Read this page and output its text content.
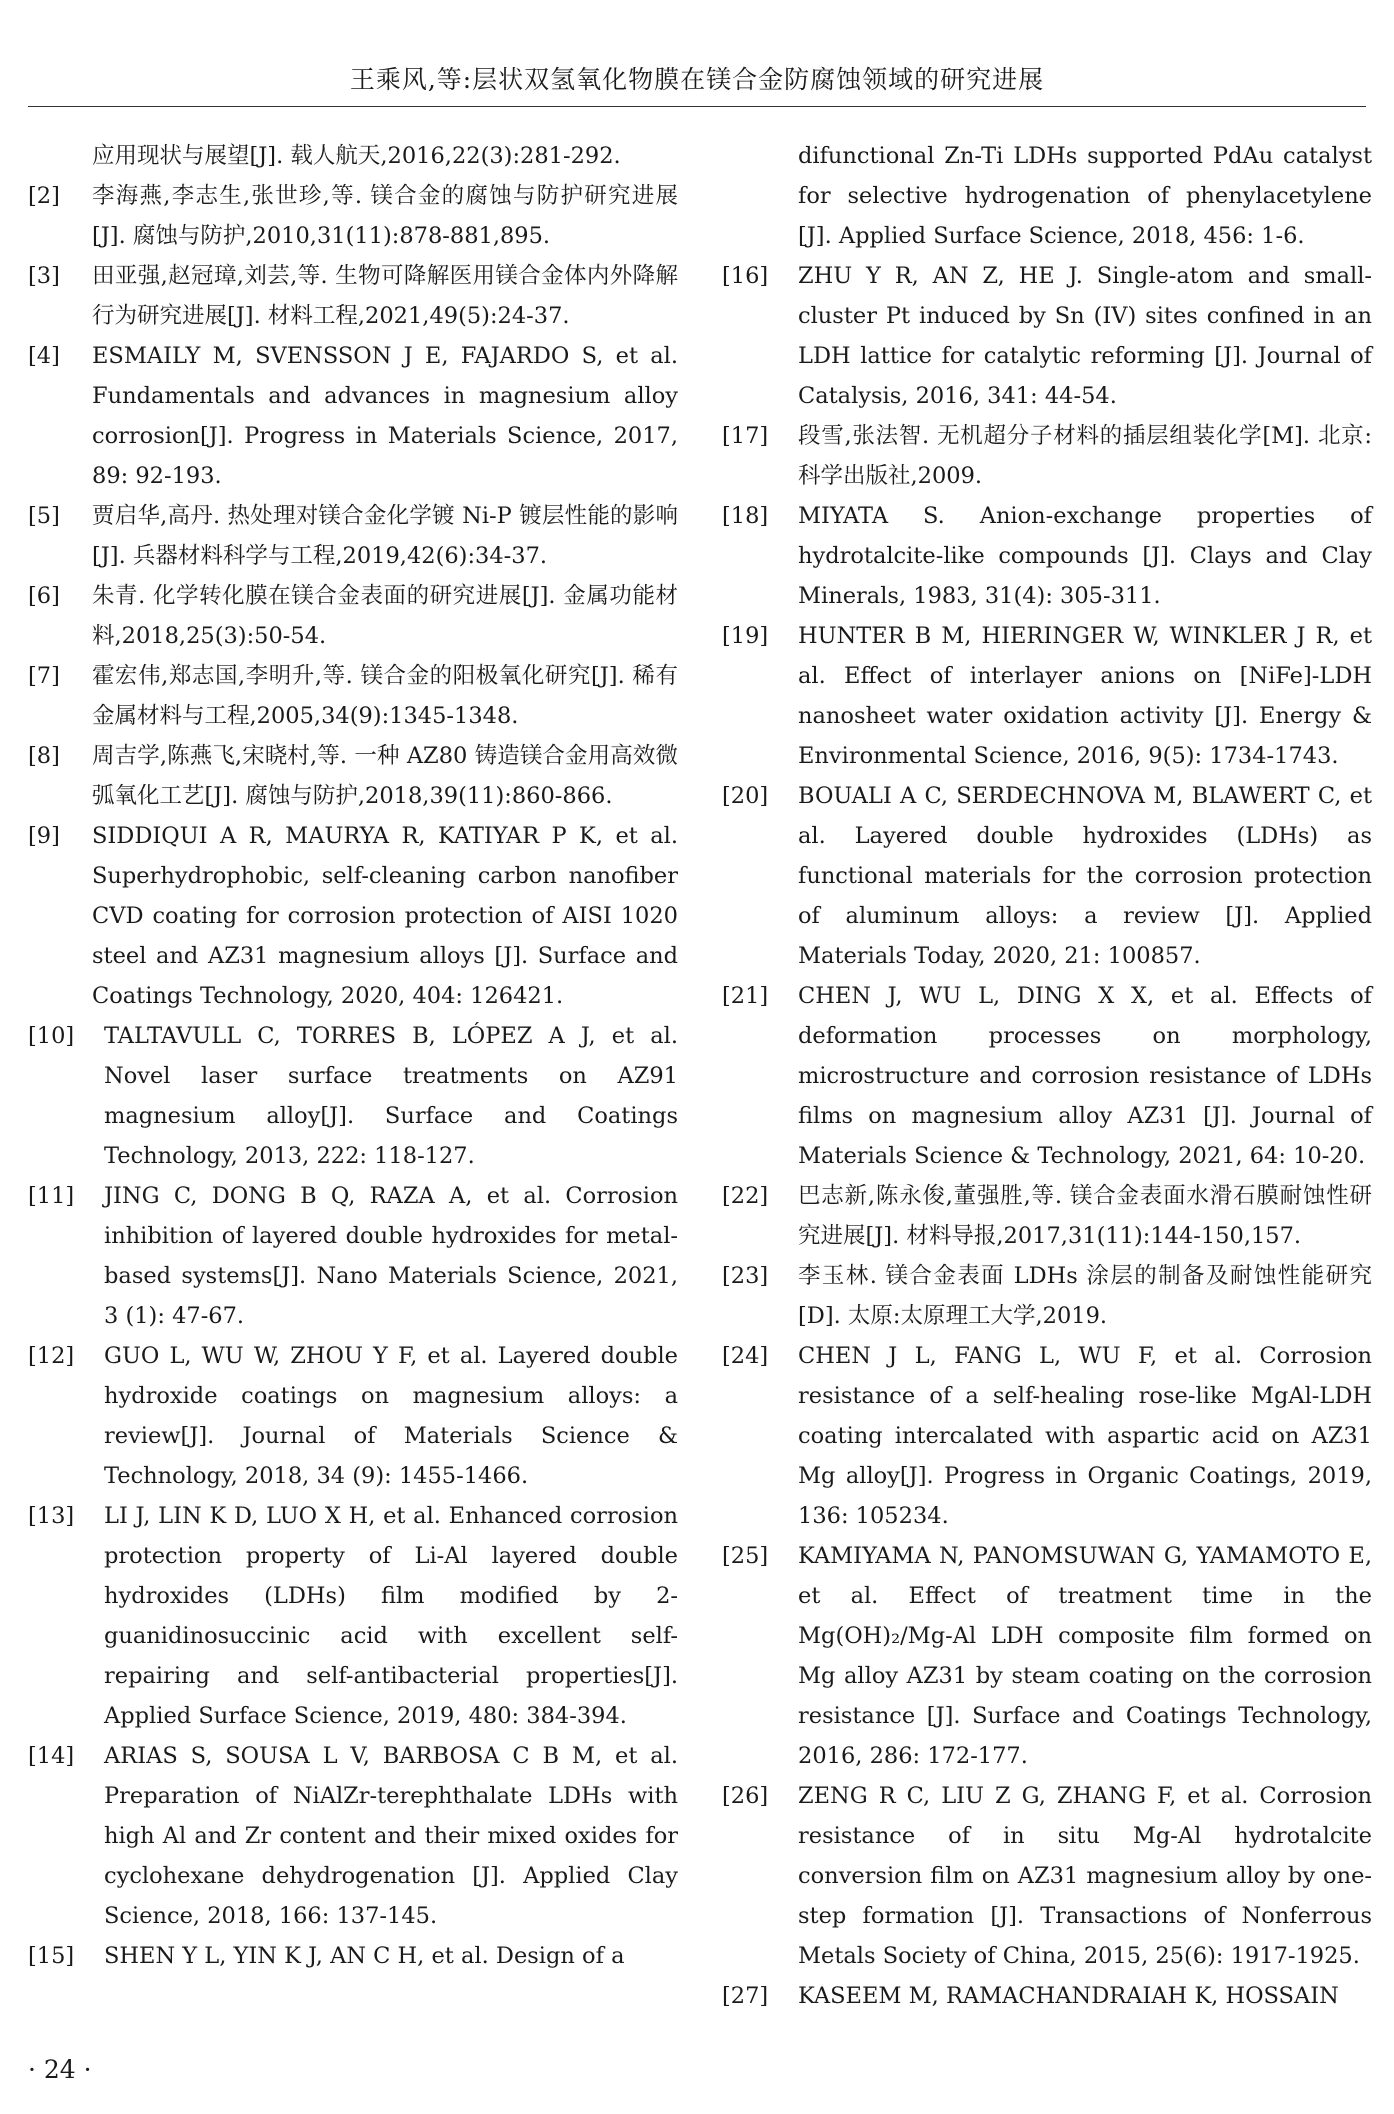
王乘风,等:层状双氢氧化物膜在镁合金防腐蚀领域的研究进展
应用现状与展望[J]. 载人航天,2016,22(3):281-292.
[2]	李海燕,李志生,张世珍,等. 镁合金的腐蚀与防护研究进展[J]. 腐蚀与防护,2010,31(11):878-881,895.
[3]	田亚强,赵冠璋,刘芸,等. 生物可降解医用镁合金体内外降解行为研究进展[J]. 材料工程,2021,49(5):24-37.
[4]	ESMAILY M, SVENSSON J E, FAJARDO S, et al. Fundamentals and advances in magnesium alloy corrosion[J]. Progress in Materials Science, 2017, 89: 92-193.
[5]	贾启华,高丹. 热处理对镁合金化学镀 Ni-P 镀层性能的影响[J]. 兵器材料科学与工程,2019,42(6):34-37.
[6]	朱青. 化学转化膜在镁合金表面的研究进展[J]. 金属功能材料,2018,25(3):50-54.
[7]	霍宏伟,郑志国,李明升,等. 镁合金的阳极氧化研究[J]. 稀有金属材料与工程,2005,34(9):1345-1348.
[8]	周吉学,陈燕飞,宋晓村,等. 一种 AZ80 铸造镁合金用高效微弧氧化工艺[J]. 腐蚀与防护,2018,39(11):860-866.
[9]	SIDDIQUI A R, MAURYA R, KATIYAR P K, et al. Superhydrophobic, self-cleaning carbon nanofiber CVD coating for corrosion protection of AISI 1020 steel and AZ31 magnesium alloys [J]. Surface and Coatings Technology, 2020, 404: 126421.
[10]	TALTAVULL C, TORRES B, LÓPEZ A J, et al. Novel laser surface treatments on AZ91 magnesium alloy[J]. Surface and Coatings Technology, 2013, 222: 118-127.
[11]	JING C, DONG B Q, RAZA A, et al. Corrosion inhibition of layered double hydroxides for metal-based systems[J]. Nano Materials Science, 2021, 3 (1): 47-67.
[12]	GUO L, WU W, ZHOU Y F, et al. Layered double hydroxide coatings on magnesium alloys: a review[J]. Journal of Materials Science & Technology, 2018, 34 (9): 1455-1466.
[13]	LI J, LIN K D, LUO X H, et al. Enhanced corrosion protection property of Li-Al layered double hydroxides (LDHs) film modified by 2-guanidinosuccinic acid with excellent self-repairing and self-antibacterial properties[J]. Applied Surface Science, 2019, 480: 384-394.
[14]	ARIAS S, SOUSA L V, BARBOSA C B M, et al. Preparation of NiAlZr-terephthalate LDHs with high Al and Zr content and their mixed oxides for cyclohexane dehydrogenation [J]. Applied Clay Science, 2018, 166: 137-145.
[15]	SHEN Y L, YIN K J, AN C H, et al. Design of a
difunctional Zn-Ti LDHs supported PdAu catalyst for selective hydrogenation of phenylacetylene [J]. Applied Surface Science, 2018, 456: 1-6.
[16]	ZHU Y R, AN Z, HE J. Single-atom and small-cluster Pt induced by Sn (IV) sites confined in an LDH lattice for catalytic reforming [J]. Journal of Catalysis, 2016, 341: 44-54.
[17]	段雪,张法智. 无机超分子材料的插层组装化学[M]. 北京:科学出版社,2009.
[18]	MIYATA S. Anion-exchange properties of hydrotalcite-like compounds [J]. Clays and Clay Minerals, 1983, 31(4): 305-311.
[19]	HUNTER B M, HIERINGER W, WINKLER J R, et al. Effect of interlayer anions on [NiFe]-LDH nanosheet water oxidation activity [J]. Energy & Environmental Science, 2016, 9(5): 1734-1743.
[20]	BOUALI A C, SERDECHNOVA M, BLAWERT C, et al. Layered double hydroxides (LDHs) as functional materials for the corrosion protection of aluminum alloys: a review [J]. Applied Materials Today, 2020, 21: 100857.
[21]	CHEN J, WU L, DING X X, et al. Effects of deformation processes on morphology, microstructure and corrosion resistance of LDHs films on magnesium alloy AZ31 [J]. Journal of Materials Science & Technology, 2021, 64: 10-20.
[22]	巴志新,陈永俊,董强胜,等. 镁合金表面水滑石膜耐蚀性研究进展[J]. 材料导报,2017,31(11):144-150,157.
[23]	李玉林. 镁合金表面 LDHs 涂层的制备及耐蚀性能研究[D]. 太原:太原理工大学,2019.
[24]	CHEN J L, FANG L, WU F, et al. Corrosion resistance of a self-healing rose-like MgAl-LDH coating intercalated with aspartic acid on AZ31 Mg alloy[J]. Progress in Organic Coatings, 2019, 136: 105234.
[25]	KAMIYAMA N, PANOMSUWAN G, YAMAMOTO E, et al. Effect of treatment time in the Mg(OH)₂/Mg-Al LDH composite film formed on Mg alloy AZ31 by steam coating on the corrosion resistance [J]. Surface and Coatings Technology, 2016, 286: 172-177.
[26]	ZENG R C, LIU Z G, ZHANG F, et al. Corrosion resistance of in situ Mg-Al hydrotalcite conversion film on AZ31 magnesium alloy by one-step formation [J]. Transactions of Nonferrous Metals Society of China, 2015, 25(6): 1917-1925.
[27]	KASEEM M, RAMACHANDRAIAH K, HOSSAIN
· 24 ·
